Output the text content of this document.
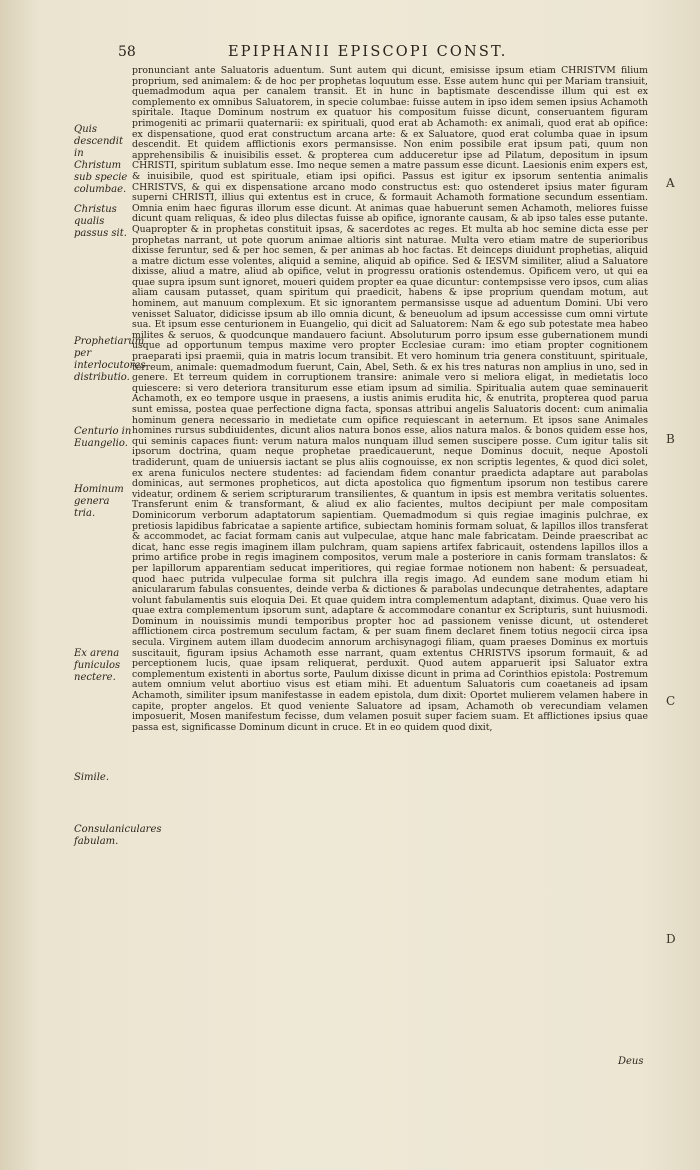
58	EPIPHANII EPISCOPI CONST.

pronunciant ante Saluatoris aduentum. Sunt autem qui dicunt, emisisse ipsum etiam CHRISTVM filium proprium, sed animalem: & de hoc per prophetas loquutum esse. Esse autem hunc qui per Mariam transiuit, quemadmodum aqua per canalem transit. Et in hunc in baptismate descendisse illum qui est ex complemento ex omnibus Saluatorem, in specie columbae: fuisse autem in ipso idem semen ipsius Achamoth spiritale. Itaque Dominum nostrum ex quatuor his compositum fuisse dicunt, conseruantem figuram primogeniti ac primarii quaternarii: ex spirituali, quod erat ab Achamoth: ex animali, quod erat ab opifice: ex dispensatione, quod erat constructum arcana arte: & ex Saluatore, quod erat columba quae in ipsum descendit. Et quidem afflictionis exors permansisse. Non enim possibile erat ipsum pati, quum non apprehensibilis & inuisibilis esset. & propterea cum adduceretur ipse ad Pilatum, depositum in ipsum CHRISTI, spiritum sublatum esse. Imo neque semen a matre passum esse dicunt. Laesionis enim expers est, & inuisibile, quod est spirituale, etiam ipsi opifici. Passus est igitur ex ipsorum sententia animalis CHRISTVS, & qui ex dispensatione arcano modo constructus est: quo ostenderet ipsius mater figuram superni CHRISTI, illius qui extentus est in cruce, & formauit Achamoth formatione secundum essentiam. Omnia enim haec figuras illorum esse dicunt. At animas quae habuerunt semen Achamoth, meliores fuisse dicunt quam reliquas, & ideo plus dilectas fuisse ab opifice, ignorante causam, & ab ipso tales esse putante. Quapropter & in prophetas constituit ipsas, & sacerdotes ac reges. Et multa ab hoc semine dicta esse per prophetas narrant, ut pote quorum animae altioris sint naturae. Multa vero etiam matre de superioribus dixisse feruntur, sed & per hoc semen, & per animas ab hoc factas. Et deinceps diuidunt prophetias, aliquid a matre dictum esse volentes, aliquid a semine, aliquid ab opifice. Sed & IESVM similiter, aliud a Saluatore dixisse, aliud a matre, aliud ab opifice, velut in progressu orationis ostendemus. Opificem vero, ut qui ea quae supra ipsum sunt ignoret, moueri quidem propter ea quae dicuntur: contempsisse vero ipsos, cum alias aliam causam putasset, quam spiritum qui praedicit, habens & ipse proprium quendam motum, aut hominem, aut manuum complexum. Et sic ignorantem permansisse usque ad aduentum Domini. Ubi vero venisset Saluator, didicisse ipsum ab illo omnia dicunt, & beneuolum ad ipsum accessisse cum omni virtute sua. Et ipsum esse centurionem in Euangelio, qui dicit ad Saluatorem: Nam & ego sub potestate mea habeo milites & seruos, & quodcunque mandauero faciunt. Absoluturum porro ipsum esse gubernationem mundi usque ad opportunum tempus maxime vero propter Ecclesiae curam: imo etiam propter cognitionem praeparati ipsi praemii, quia in matris locum transibit. Et vero hominum tria genera constituunt, spirituale, terreum, animale: quemadmodum fuerunt, Cain, Abel, Seth. & ex his tres naturas non amplius in uno, sed in genere. Et terreum quidem in corruptionem transire: animale vero si meliora eligat, in medietatis loco quiescere: si vero deteriora transiturum esse etiam ipsum ad similia. Spiritualia autem quae seminauerit Achamoth, ex eo tempore usque in praesens, a iustis animis erudita hic, & enutrita, propterea quod parua sunt emissa, postea quae perfectione digna facta, sponsas attribui angelis Saluatoris docent: cum animalia hominum genera necessario in medietate cum opifice requiescant in aeternum. Et ipsos sane Animales homines rursus subdiuidentes, dicunt alios natura bonos esse, alios natura malos. & bonos quidem esse hos, qui seminis capaces fiunt: verum natura malos nunquam illud semen suscipere posse. Cum igitur talis sit ipsorum doctrina, quam neque prophetae praedicauerunt, neque Dominus docuit, neque Apostoli tradiderunt, quam de uniuersis iactant se plus aliis cognouisse, ex non scriptis legentes, & quod dici solet, ex arena funiculos nectere studentes: ad faciendam fidem conantur praedicta adaptare aut parabolas dominicas, aut sermones propheticos, aut dicta apostolica quo figmentum ipsorum non testibus carere videatur, ordinem & seriem scripturarum transilientes, & quantum in ipsis est membra veritatis soluentes. Transferunt enim & transformant, & aliud ex alio facientes, multos decipiunt per male compositam Dominicorum verborum adaptatorum sapientiam. Quemadmodum si quis regiae imaginis pulchrae, ex pretiosis lapidibus fabricatae a sapiente artifice, subiectam hominis formam soluat, & lapillos illos transferat & accommodet, ac faciat formam canis aut vulpeculae, atque hanc male fabricatam. Deinde praescribat ac dicat, hanc esse regis imaginem illam pulchram, quam sapiens artifex fabricauit, ostendens lapillos illos a primo artifice probe in regis imaginem compositos, verum male a posteriore in canis formam translatos: & per lapillorum apparentiam seducat imperitiores, qui regiae formae notionem non habent: & persuadeat, quod haec putrida vulpeculae forma sit pulchra illa regis imago. Ad eundem sane modum etiam hi aniculararum fabulas consuentes, deinde verba & dictiones & parabolas undecunque detrahentes, adaptare volunt fabulamentis suis eloquia Dei. Et quae quidem intra complementum adaptant, diximus. Quae vero his quae extra complementum ipsorum sunt, adaptare & accommodare conantur ex Scripturis, sunt huiusmodi. Dominum in nouissimis mundi temporibus propter hoc ad passionem venisse dicunt, ut ostenderet afflictionem circa postremum seculum factam, & per suam finem declaret finem totius negocii circa ipsa secula. Virginem autem illam duodecim annorum archisynagogi filiam, quam praeses Dominus ex mortuis suscitauit, figuram ipsius Achamoth esse narrant, quam extentus CHRISTVS ipsorum formauit, & ad perceptionem lucis, quae ipsam reliquerat, perduxit. Quod autem apparuerit ipsi Saluator extra complementum existenti in abortus sorte, Paulum dixisse dicunt in prima ad Corinthios epistola: Postremum autem omnium velut abortiuo visus est etiam mihi. Et aduentum Saluatoris cum coaetaneis ad ipsam Achamoth, similiter ipsum manifestasse in eadem epistola, dum dixit: Oportet mulierem velamen habere in capite, propter angelos. Et quod veniente Saluatore ad ipsam, Achamoth ob verecundiam velamen imposuerit, Mosen manifestum fecisse, dum velamen posuit super faciem suam. Et afflictiones ipsius quae passa est, significasse Dominum dicunt in cruce. Et in eo quidem quod dixit,

Deus
Quis descendit in Christum sub specie columbae.
Christus qualis passus sit.
Prophetiarum per interlocutores distributio.
Centurio in Euangelio.
Hominum genera tria.
Ex arena funiculos nectere.
Simile.
Consulaniculares fabulam.
A
B
C
D
